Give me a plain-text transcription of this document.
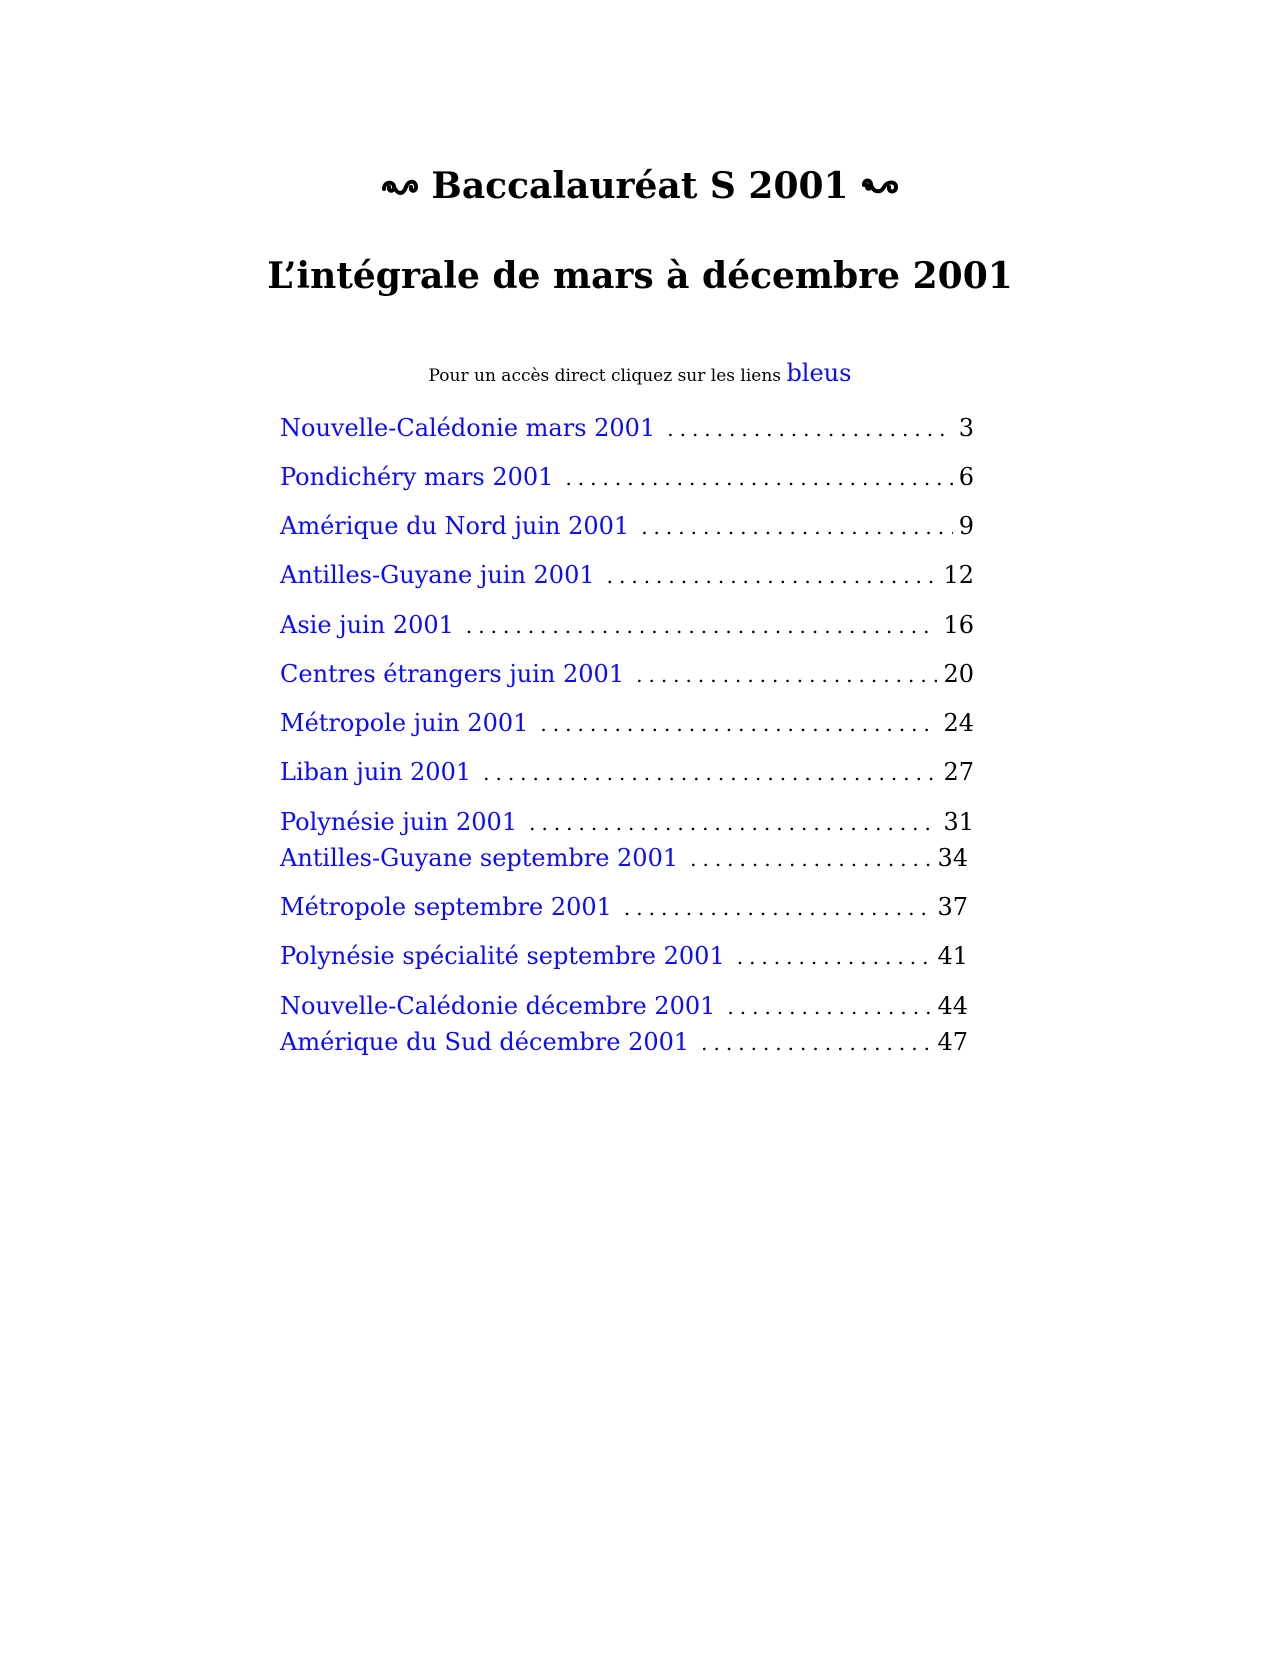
Baccalauréat S 2001
L’intégrale de mars à décembre 2001
Pour un accès direct cliquez sur les liens bleus
Nouvelle-Calédonie mars 2001 .....	3
Pondichéry mars 2001 .....	6
Amérique du Nord juin 2001 .....	9
Antilles-Guyane juin 2001 .....	12
Asie juin 2001 .....	16
Centres étrangers juin 2001 .....	20
Métropole juin 2001 .....	24
Liban juin 2001 .....	27
Polynésie juin 2001 .....	31
Antilles-Guyane septembre 2001 .....	34
Métropole septembre 2001 .....	37
Polynésie spécialité septembre 2001 .....	41
Nouvelle-Calédonie décembre 2001 .....	44
Amérique du Sud décembre 2001 .....	47
